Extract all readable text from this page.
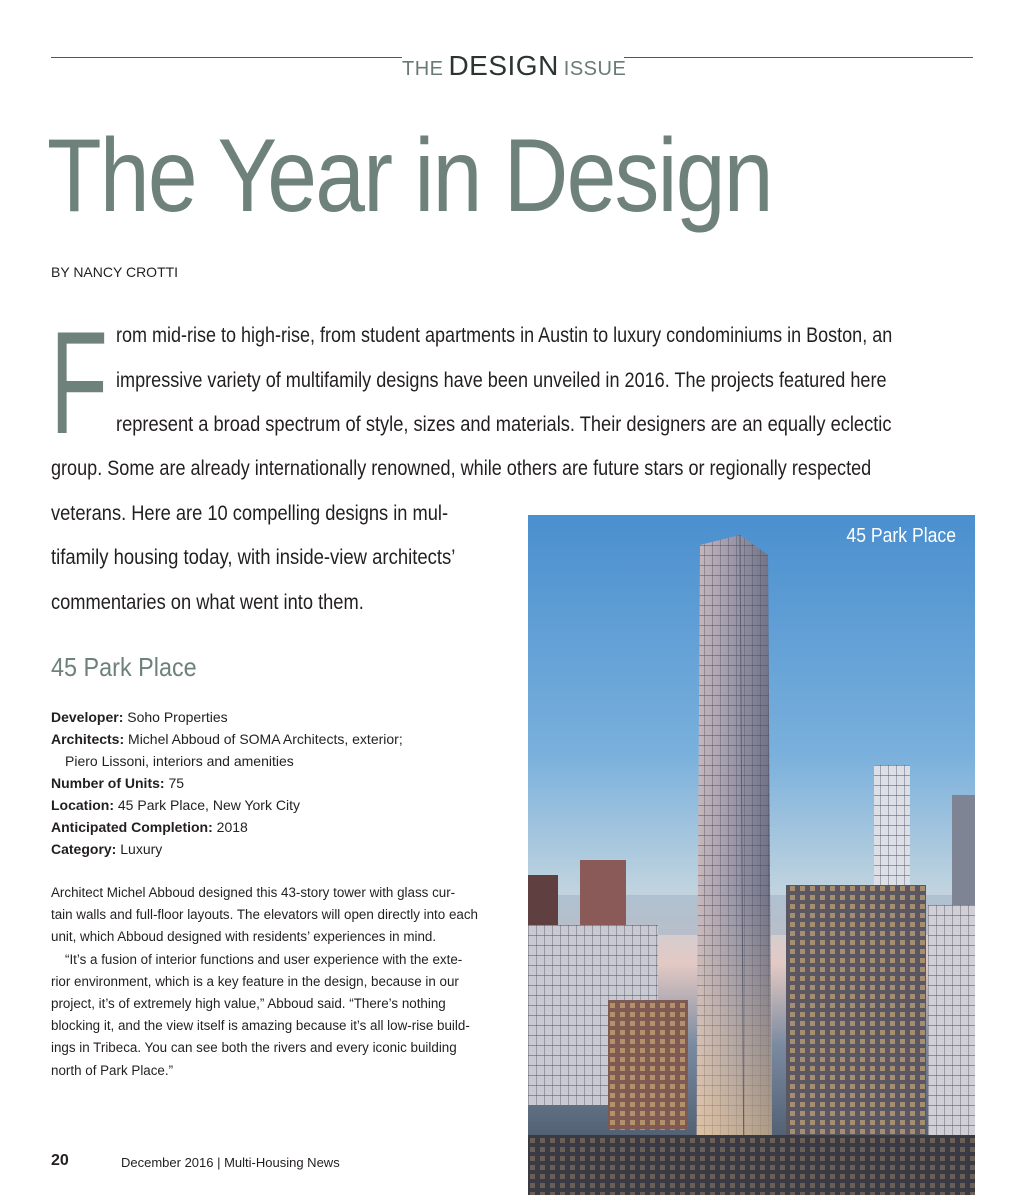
THE DESIGN ISSUE
The Year in Design
BY NANCY CROTTI
F rom mid-rise to high-rise, from student apartments in Austin to luxury condominiums in Boston, an
impressive variety of multifamily designs have been unveiled in 2016. The projects featured here
represent a broad spectrum of style, sizes and materials. Their designers are an equally eclectic
group. Some are already internationally renowned, while others are future stars or regionally respected
veterans. Here are 10 compelling designs in mul-
tifamily housing today, with inside-view architects’
commentaries on what went into them.
45 Park Place
45 Park Place
Developer: Soho Properties
Architects: Michel Abboud of SOMA Architects, exterior;
Piero Lissoni, interiors and amenities
Number of Units: 75
Location: 45 Park Place, New York City
Anticipated Completion: 2018
Category: Luxury
Architect Michel Abboud designed this 43-story tower with glass cur-
tain walls and full-floor layouts. The elevators will open directly into each
unit, which Abboud designed with residents’ experiences in mind.
“It’s a fusion of interior functions and user experience with the exte-
rior environment, which is a key feature in the design, because in our
project, it’s of extremely high value,” Abboud said. “There’s nothing
blocking it, and the view itself is amazing because it’s all low-rise build-
ings in Tribeca. You can see both the rivers and every iconic building
north of Park Place.”
20	December 2016 | Multi-Housing News
